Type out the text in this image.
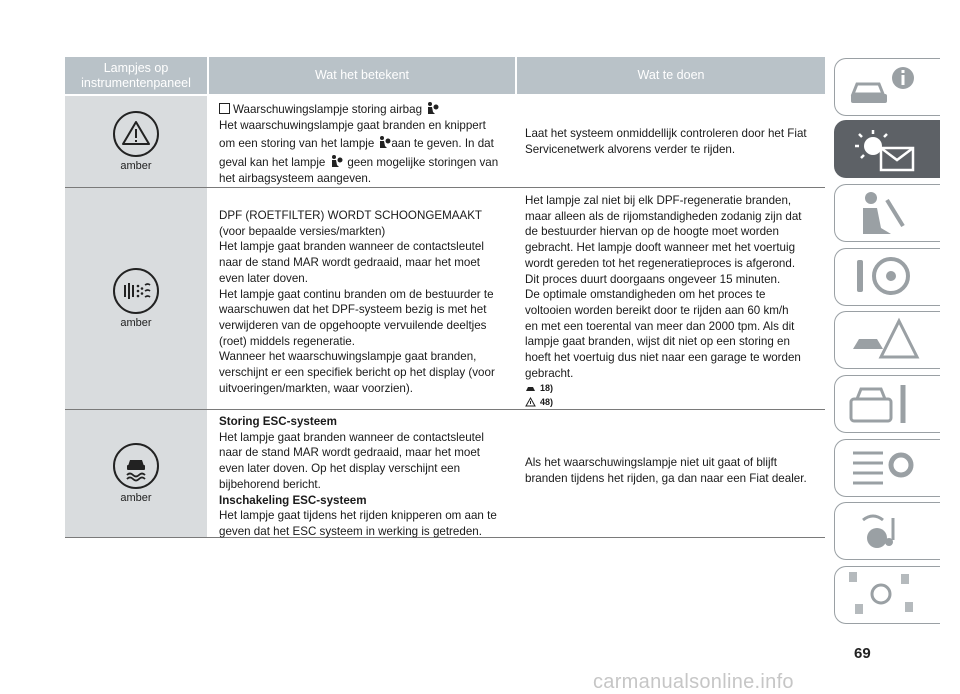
Lampjes op instrumentenpaneel
Wat het betekent	Wat te doen
amber
Waarschuwingslampje storing airbag
Het waarschuwingslampje gaat branden en knippert
om een storing van het lampje aan te geven. In dat
geval kan het lampje geen mogelijke storingen van
het airbagsysteem aangeven.
Laat het systeem onmiddellijk controleren door het Fiat
Servicenetwerk alvorens verder te rijden.
amber
DPF (ROETFILTER) WORDT SCHOONGEMAAKT
(voor bepaalde versies/markten)
Het lampje gaat branden wanneer de contactsleutel
naar de stand MAR wordt gedraaid, maar het moet
even later doven.
Het lampje gaat continu branden om de bestuurder te
waarschuwen dat het DPF-systeem bezig is met het
verwijderen van de opgehoopte vervuilende deeltjes
(roet) middels regeneratie.
Wanneer het waarschuwingslampje gaat branden,
verschijnt er een specifiek bericht op het display (voor
uitvoeringen/markten, waar voorzien).
Het lampje zal niet bij elk DPF-regeneratie branden,
maar alleen als de rijomstandigheden zodanig zijn dat
de bestuurder hiervan op de hoogte moet worden
gebracht. Het lampje dooft wanneer met het voertuig
wordt gereden tot het regeneratieproces is afgerond.
Dit proces duurt doorgaans ongeveer 15 minuten.
De optimale omstandigheden om het proces te
voltooien worden bereikt door te rijden aan 60 km/h
en met een toerental van meer dan 2000 tpm. Als dit
lampje gaat branden, wijst dit niet op een storing en
hoeft het voertuig dus niet naar een garage te worden
gebracht.
18)
48)
amber
Storing ESC-systeem
Het lampje gaat branden wanneer de contactsleutel
naar de stand MAR wordt gedraaid, maar het moet
even later doven. Op het display verschijnt een
bijbehorend bericht.
Inschakeling ESC-systeem
Het lampje gaat tijdens het rijden knipperen om aan te
geven dat het ESC systeem in werking is getreden.
Als het waarschuwingslampje niet uit gaat of blijft
branden tijdens het rijden, ga dan naar een Fiat dealer.
69
carmanualsonline.info
